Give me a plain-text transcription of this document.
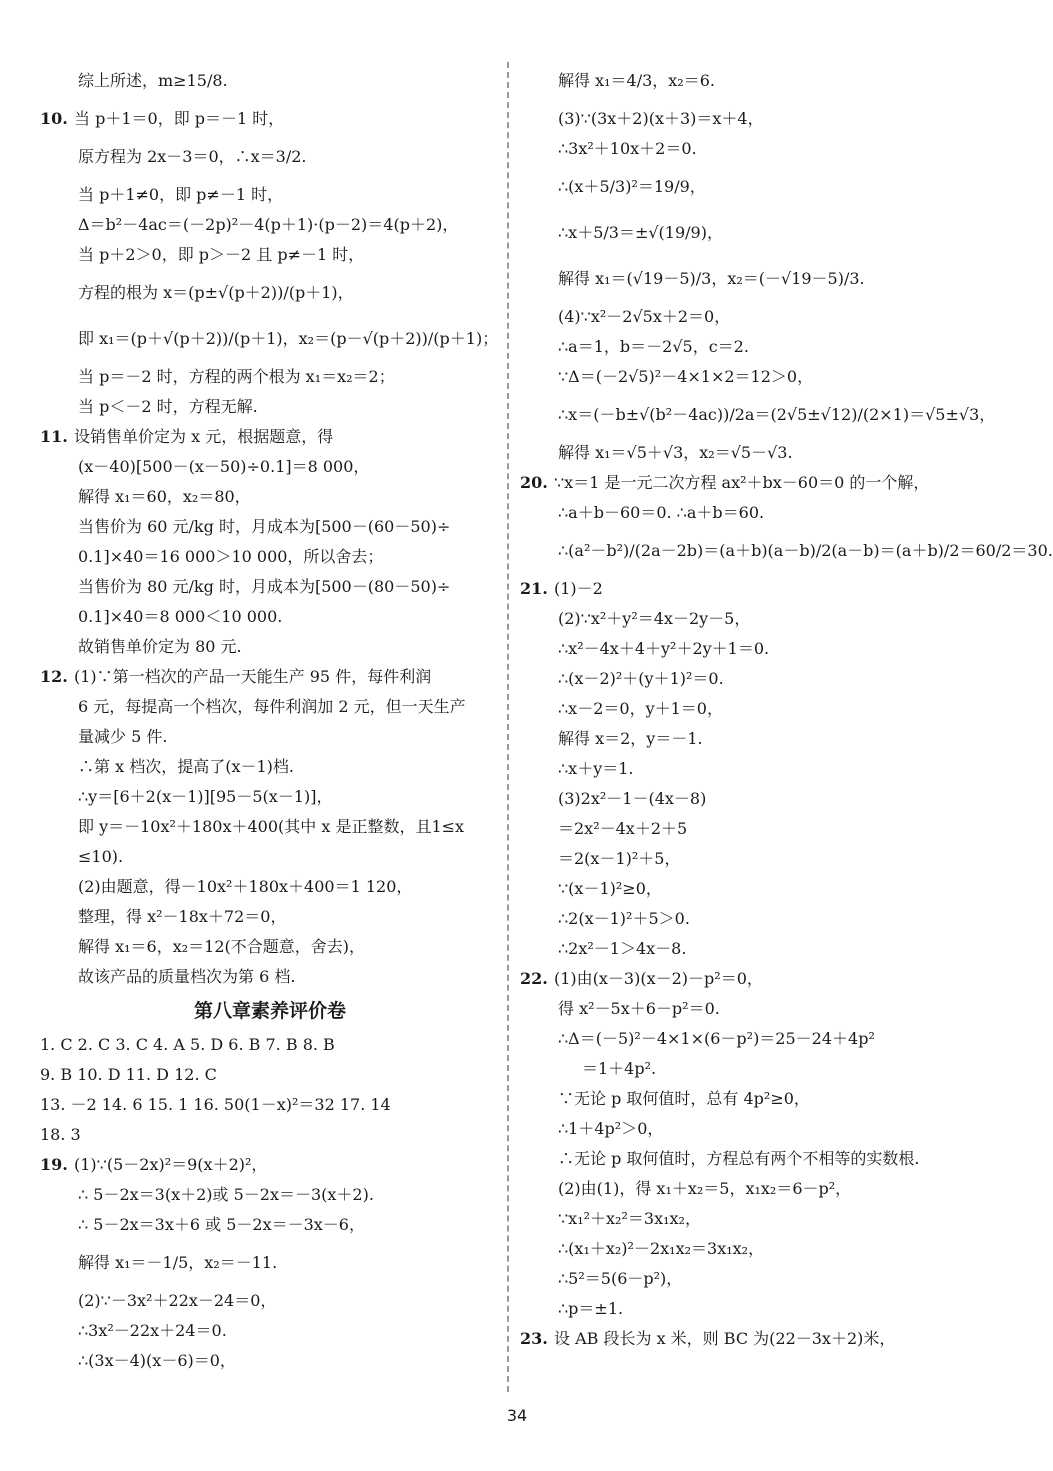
综上所述，m≥15/8.
10. 当 p＋1＝0，即 p＝－1 时，
原方程为 2x－3＝0，∴x＝3/2.
当 p＋1≠0，即 p≠－1 时，
Δ＝b²－4ac＝(－2p)²－4(p＋1)·(p－2)＝4(p＋2)，
当 p＋2＞0，即 p＞－2 且 p≠－1 时，
方程的根为 x＝(p±√(p＋2))/(p＋1)，
即 x₁＝(p＋√(p＋2))/(p＋1)，x₂＝(p－√(p＋2))/(p＋1)；
当 p＝－2 时，方程的两个根为 x₁＝x₂＝2；
当 p＜－2 时，方程无解.
11. 设销售单价定为 x 元，根据题意，得
(x－40)[500－(x－50)÷0.1]＝8 000，
解得 x₁＝60，x₂＝80，
当售价为 60 元/kg 时，月成本为[500－(60－50)÷
0.1]×40＝16 000＞10 000，所以舍去；
当售价为 80 元/kg 时，月成本为[500－(80－50)÷
0.1]×40＝8 000＜10 000.
故销售单价定为 80 元.
12. (1)∵第一档次的产品一天能生产 95 件，每件利润
6 元，每提高一个档次，每件利润加 2 元，但一天生产
量减少 5 件.
∴第 x 档次，提高了(x－1)档.
∴y＝[6＋2(x－1)][95－5(x－1)]，
即 y＝－10x²＋180x＋400(其中 x 是正整数，且1≤x
≤10).
(2)由题意，得－10x²＋180x＋400＝1 120，
整理，得 x²－18x＋72＝0，
解得 x₁＝6，x₂＝12(不合题意，舍去)，
故该产品的质量档次为第 6 档.
第八章素养评价卷
1. C 2. C 3. C 4. A 5. D 6. B 7. B 8. B
9. B 10. D 11. D 12. C
13. －2 14. 6 15. 1 16. 50(1－x)²＝32 17. 14
18. 3
19. (1)∵(5－2x)²＝9(x＋2)²，
∴ 5－2x＝3(x＋2)或 5－2x＝－3(x＋2).
∴ 5－2x＝3x＋6 或 5－2x＝－3x－6，
解得 x₁＝－1/5，x₂＝－11.
(2)∵－3x²＋22x－24＝0，
∴3x²－22x＋24＝0.
∴(3x－4)(x－6)＝0，
解得 x₁＝4/3，x₂＝6.
(3)∵(3x＋2)(x＋3)＝x＋4，
∴3x²＋10x＋2＝0.
∴(x＋5/3)²＝19/9，
∴x＋5/3＝±√(19/9)，
解得 x₁＝(√19－5)/3，x₂＝(－√19－5)/3.
(4)∵x²－2√5x＋2＝0，
∴a＝1，b＝－2√5，c＝2.
∵Δ＝(－2√5)²－4×1×2＝12＞0，
∴x＝(－b±√(b²－4ac))/2a＝(2√5±√12)/(2×1)＝√5±√3，
解得 x₁＝√5＋√3，x₂＝√5－√3.
20. ∵x＝1 是一元二次方程 ax²＋bx－60＝0 的一个解，
∴a＋b－60＝0. ∴a＋b＝60.
∴(a²－b²)/(2a－2b)＝(a＋b)(a－b)/2(a－b)＝(a＋b)/2＝60/2＝30.
21. (1)－2
(2)∵x²＋y²＝4x－2y－5，
∴x²－4x＋4＋y²＋2y＋1＝0.
∴(x－2)²＋(y＋1)²＝0.
∴x－2＝0，y＋1＝0，
解得 x＝2，y＝－1.
∴x＋y＝1.
(3)2x²－1－(4x－8)
＝2x²－4x＋2＋5
＝2(x－1)²＋5，
∵(x－1)²≥0，
∴2(x－1)²＋5＞0.
∴2x²－1＞4x－8.
22. (1)由(x－3)(x－2)－p²＝0，
得 x²－5x＋6－p²＝0.
∴Δ＝(－5)²－4×1×(6－p²)＝25－24＋4p²
＝1＋4p².
∵无论 p 取何值时，总有 4p²≥0，
∴1＋4p²＞0，
∴无论 p 取何值时，方程总有两个不相等的实数根.
(2)由(1)，得 x₁＋x₂＝5，x₁x₂＝6－p²，
∵x₁²＋x₂²＝3x₁x₂，
∴(x₁＋x₂)²－2x₁x₂＝3x₁x₂，
∴5²＝5(6－p²)，
∴p＝±1.
23. 设 AB 段长为 x 米，则 BC 为(22－3x＋2)米，
34
